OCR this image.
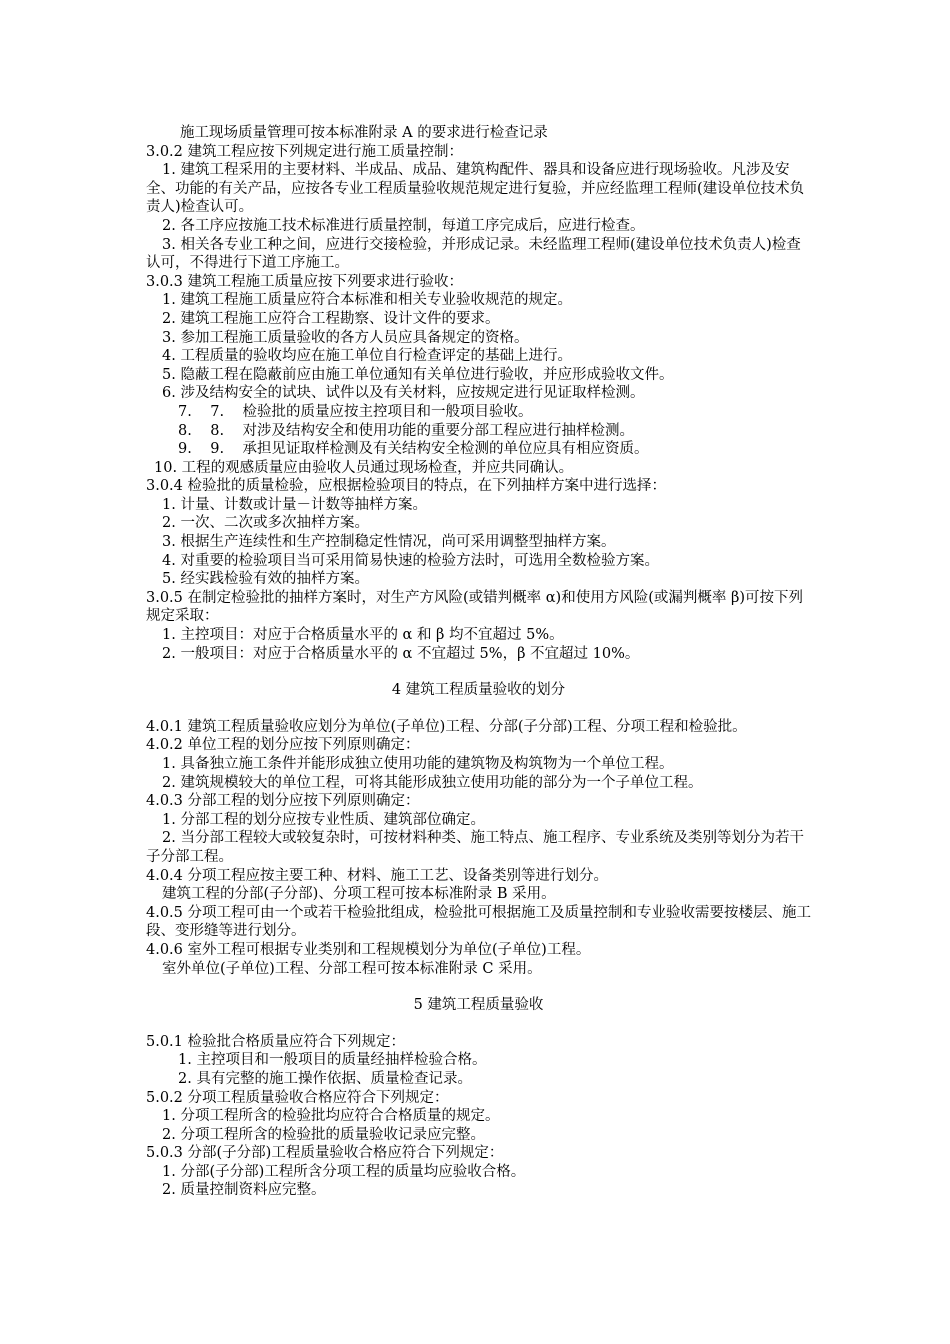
施工现场质量管理可按本标准附录 A 的要求进行检查记录

3.0.2 建筑工程应按下列规定进行施工质量控制：

1. 建筑工程采用的主要材料、半成品、成品、建筑构配件、器具和设备应进行现场验收。凡涉及安全、功能的有关产品，应按各专业工程质量验收规范规定进行复验，并应经监理工程师(建设单位技术负责人)检查认可。

2. 各工序应按施工技术标准进行质量控制，每道工序完成后，应进行检查。

3. 相关各专业工种之间，应进行交接检验，并形成记录。未经监理工程师(建设单位技术负责人)检查认可，不得进行下道工序施工。

3.0.3 建筑工程施工质量应按下列要求进行验收：

1. 建筑工程施工质量应符合本标准和相关专业验收规范的规定。

2. 建筑工程施工应符合工程勘察、设计文件的要求。

3. 参加工程施工质量验收的各方人员应具备规定的资格。

4. 工程质量的验收均应在施工单位自行检查评定的基础上进行。

5. 隐蔽工程在隐蔽前应由施工单位通知有关单位进行验收，并应形成验收文件。

6. 涉及结构安全的试块、试件以及有关材料，应按规定进行见证取样检测。

7.    7.    检验批的质量应按主控项目和一般项目验收。

8.    8.    对涉及结构安全和使用功能的重要分部工程应进行抽样检测。

9.    9.    承担见证取样检测及有关结构安全检测的单位应具有相应资质。

10. 工程的观感质量应由验收人员通过现场检查，并应共同确认。

3.0.4 检验批的质量检验，应根据检验项目的特点，在下列抽样方案中进行选择：

1. 计量、计数或计量－计数等抽样方案。

2. 一次、二次或多次抽样方案。

3. 根据生产连续性和生产控制稳定性情况，尚可采用调整型抽样方案。

4. 对重要的检验项目当可采用简易快速的检验方法时，可选用全数检验方案。

5. 经实践检验有效的抽样方案。

3.0.5 在制定检验批的抽样方案时，对生产方风险(或错判概率 α)和使用方风险(或漏判概率 β)可按下列规定采取：

1. 主控项目：对应于合格质量水平的 α 和 β 均不宜超过 5%。

2. 一般项目：对应于合格质量水平的 α 不宜超过 5%，β 不宜超过 10%。

4 建筑工程质量验收的划分

4.0.1 建筑工程质量验收应划分为单位(子单位)工程、分部(子分部)工程、分项工程和检验批。

4.0.2 单位工程的划分应按下列原则确定：

1. 具备独立施工条件并能形成独立使用功能的建筑物及构筑物为一个单位工程。

2. 建筑规模较大的单位工程，可将其能形成独立使用功能的部分为一个子单位工程。

4.0.3 分部工程的划分应按下列原则确定：

1. 分部工程的划分应按专业性质、建筑部位确定。

2. 当分部工程较大或较复杂时，可按材料种类、施工特点、施工程序、专业系统及类别等划分为若干子分部工程。

4.0.4 分项工程应按主要工种、材料、施工工艺、设备类别等进行划分。

建筑工程的分部(子分部)、分项工程可按本标准附录 B 采用。

4.0.5 分项工程可由一个或若干检验批组成，检验批可根据施工及质量控制和专业验收需要按楼层、施工段、变形缝等进行划分。

4.0.6 室外工程可根据专业类别和工程规模划分为单位(子单位)工程。

室外单位(子单位)工程、分部工程可按本标准附录 C 采用。

5 建筑工程质量验收

5.0.1 检验批合格质量应符合下列规定：

1. 主控项目和一般项目的质量经抽样检验合格。

2. 具有完整的施工操作依据、质量检查记录。

5.0.2 分项工程质量验收合格应符合下列规定：

1. 分项工程所含的检验批均应符合合格质量的规定。

2. 分项工程所含的检验批的质量验收记录应完整。

5.0.3 分部(子分部)工程质量验收合格应符合下列规定：

1. 分部(子分部)工程所含分项工程的质量均应验收合格。

2. 质量控制资料应完整。
